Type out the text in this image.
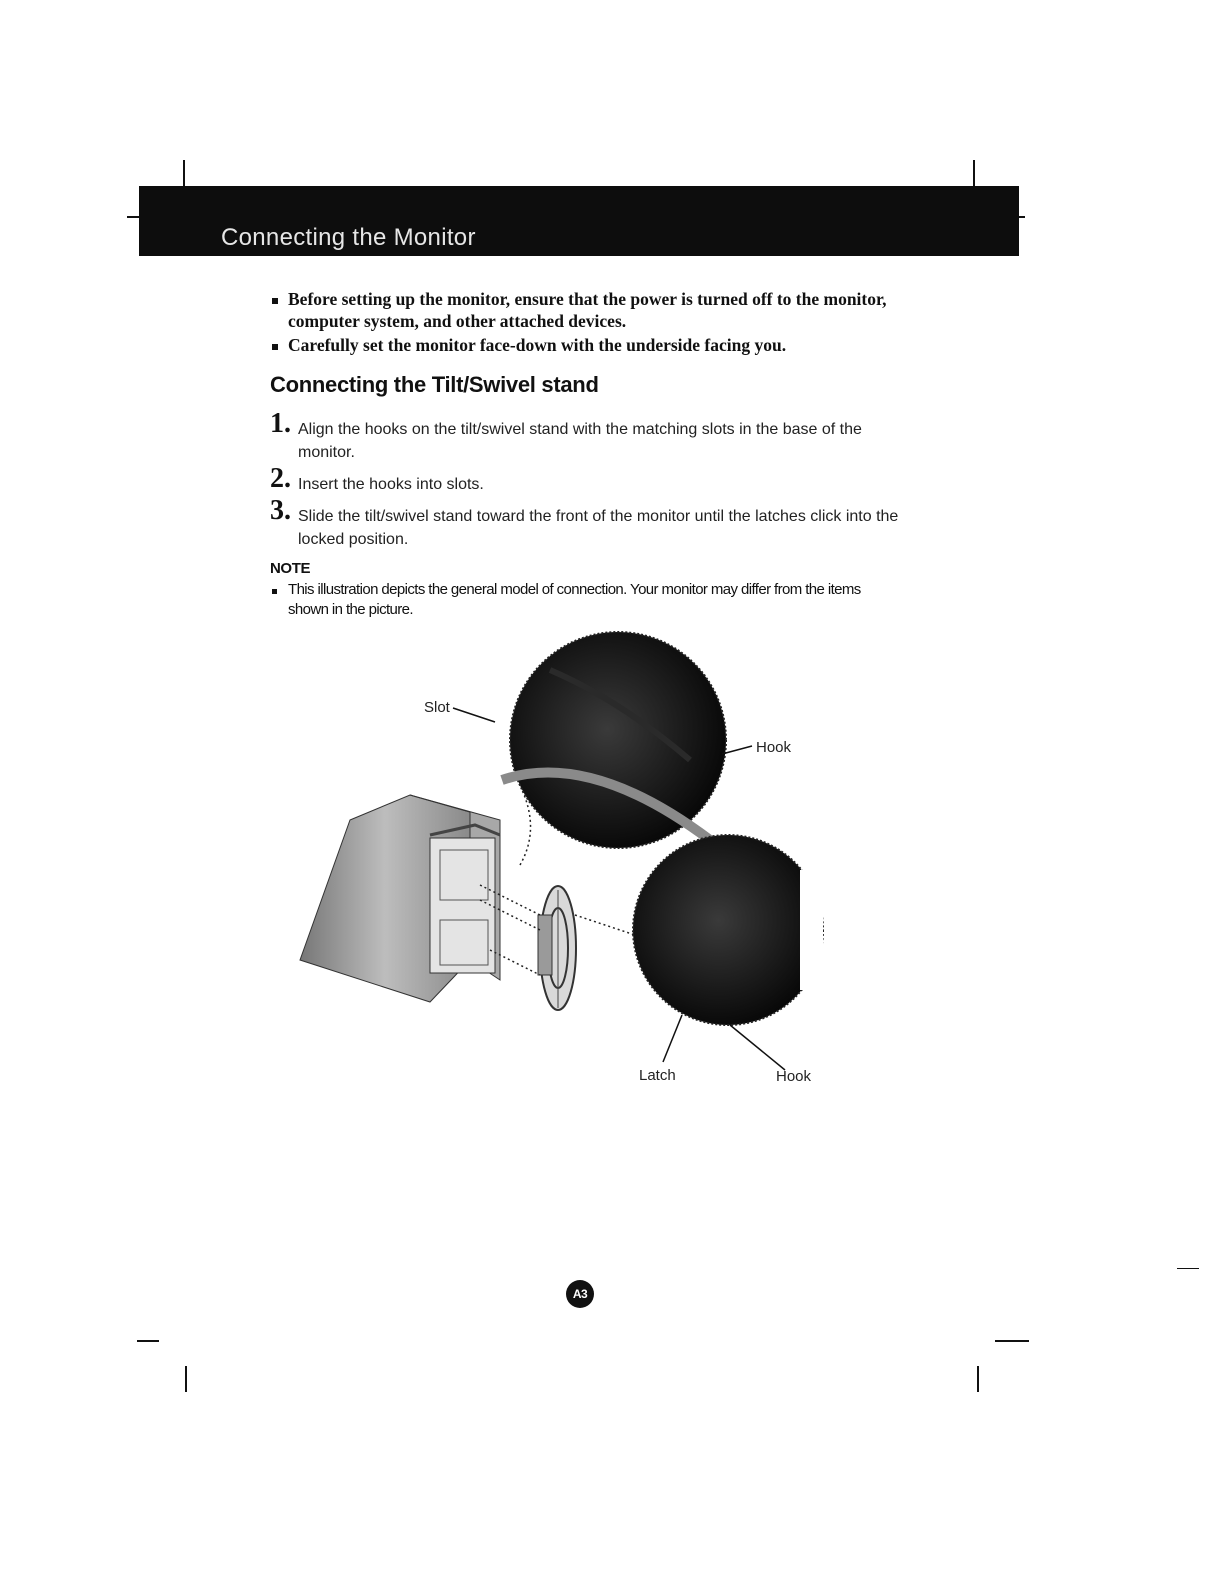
Connecting the Monitor
Before setting up the monitor, ensure that the power is turned off to the monitor, computer system, and other attached devices.
Carefully set the monitor face-down with the underside facing you.
Connecting the Tilt/Swivel stand
1 . Align the hooks on the tilt/swivel stand with the matching slots in the base of the monitor.
2 . Insert the hooks into slots.
3 . Slide the tilt/swivel stand toward the front of the monitor until the latches click into the locked position.
NOTE
This illustration depicts the general model of connection. Your monitor may differ from the items shown in the picture.
Slot
Hook
Latch	Hook
A3
